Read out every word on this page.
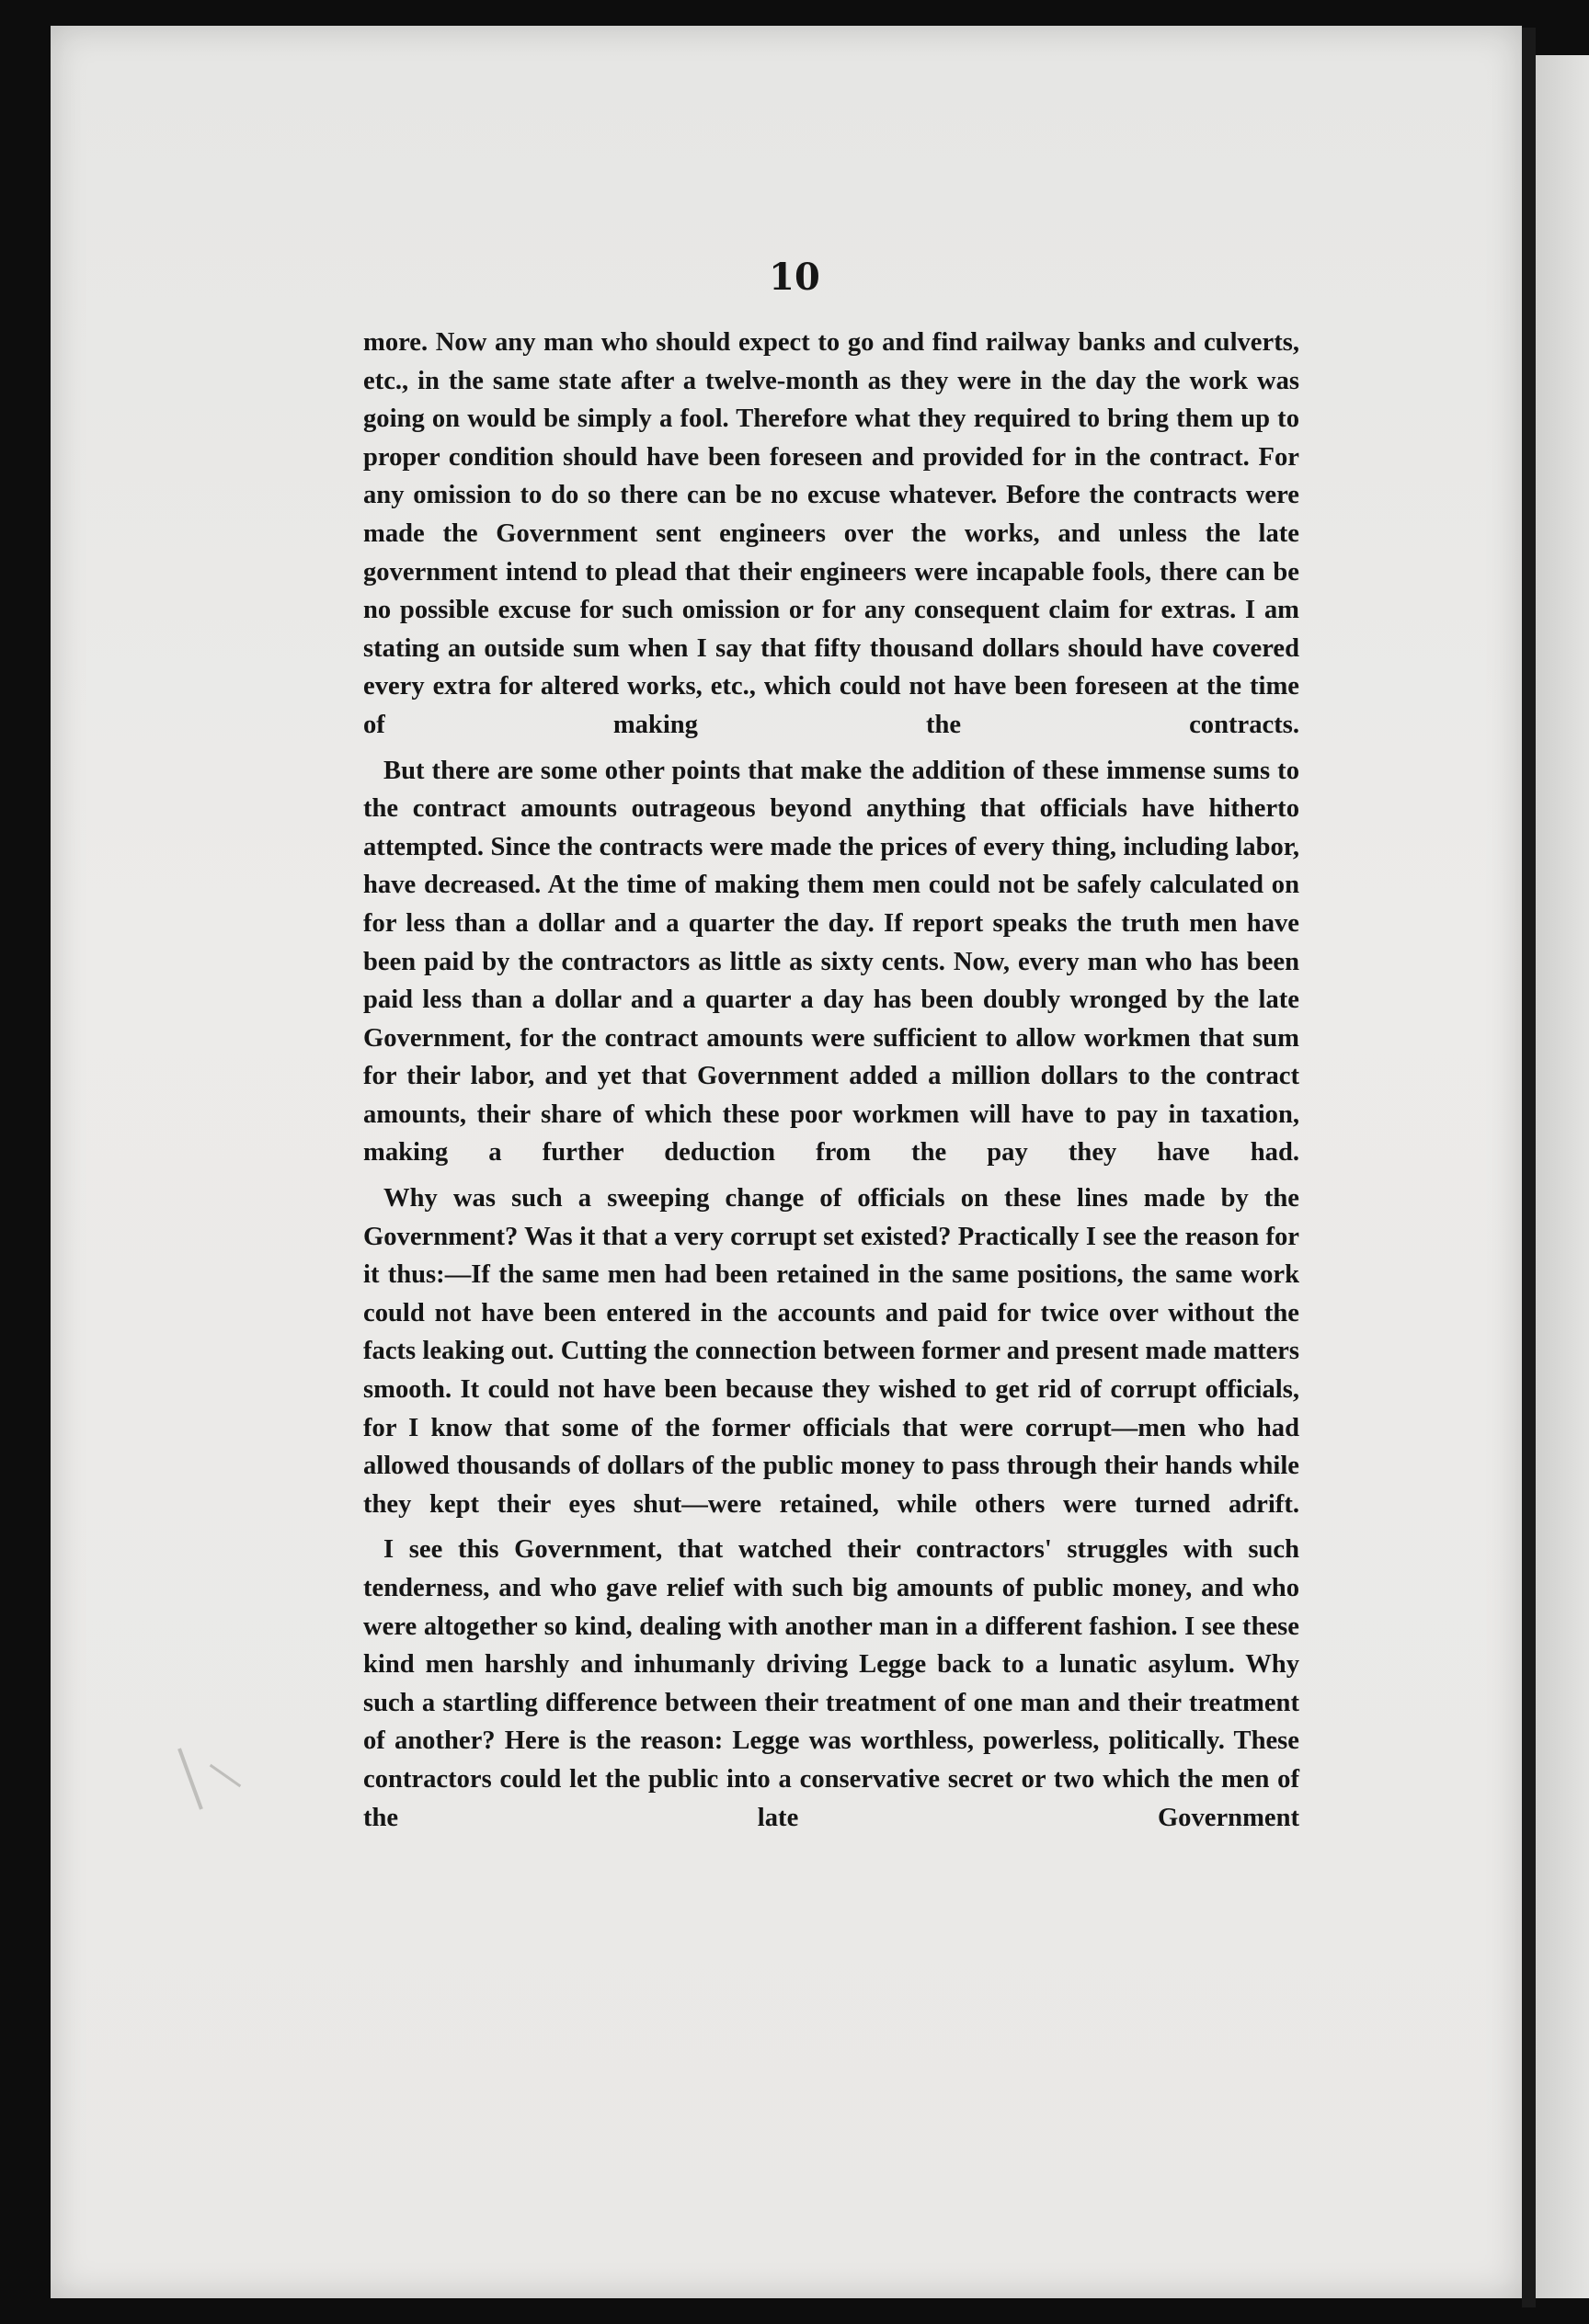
10

more. Now any man who should expect to go and find railway banks and culverts, etc., in the same state after a twelve-month as they were in the day the work was going on would be simply a fool. Therefore what they required to bring them up to proper condition should have been foreseen and provided for in the contract. For any omission to do so there can be no excuse whatever. Before the contracts were made the Government sent engineers over the works, and unless the late government intend to plead that their engineers were incapable fools, there can be no possible excuse for such omission or for any consequent claim for extras. I am stating an outside sum when I say that fifty thousand dollars should have covered every extra for altered works, etc., which could not have been foreseen at the time of making the contracts.

But there are some other points that make the addition of these immense sums to the contract amounts outrageous beyond anything that officials have hitherto attempted. Since the contracts were made the prices of every thing, including labor, have decreased. At the time of making them men could not be safely calculated on for less than a dollar and a quarter the day. If report speaks the truth men have been paid by the contractors as little as sixty cents. Now, every man who has been paid less than a dollar and a quarter a day has been doubly wronged by the late Government, for the contract amounts were sufficient to allow workmen that sum for their labor, and yet that Government added a million dollars to the contract amounts, their share of which these poor workmen will have to pay in taxation, making a further deduction from the pay they have had.

Why was such a sweeping change of officials on these lines made by the Government? Was it that a very corrupt set existed? Practically I see the reason for it thus:—If the same men had been retained in the same positions, the same work could not have been entered in the accounts and paid for twice over without the facts leaking out. Cutting the connection between former and present made matters smooth. It could not have been because they wished to get rid of corrupt officials, for I know that some of the former officials that were corrupt—men who had allowed thousands of dollars of the public money to pass through their hands while they kept their eyes shut—were retained, while others were turned adrift.

I see this Government, that watched their contractors' struggles with such tenderness, and who gave relief with such big amounts of public money, and who were altogether so kind, dealing with another man in a different fashion. I see these kind men harshly and inhumanly driving Legge back to a lunatic asylum. Why such a startling difference between their treatment of one man and their treatment of another? Here is the reason: Legge was worthless, powerless, politically. These contractors could let the public into a conservative secret or two which the men of the late Government
